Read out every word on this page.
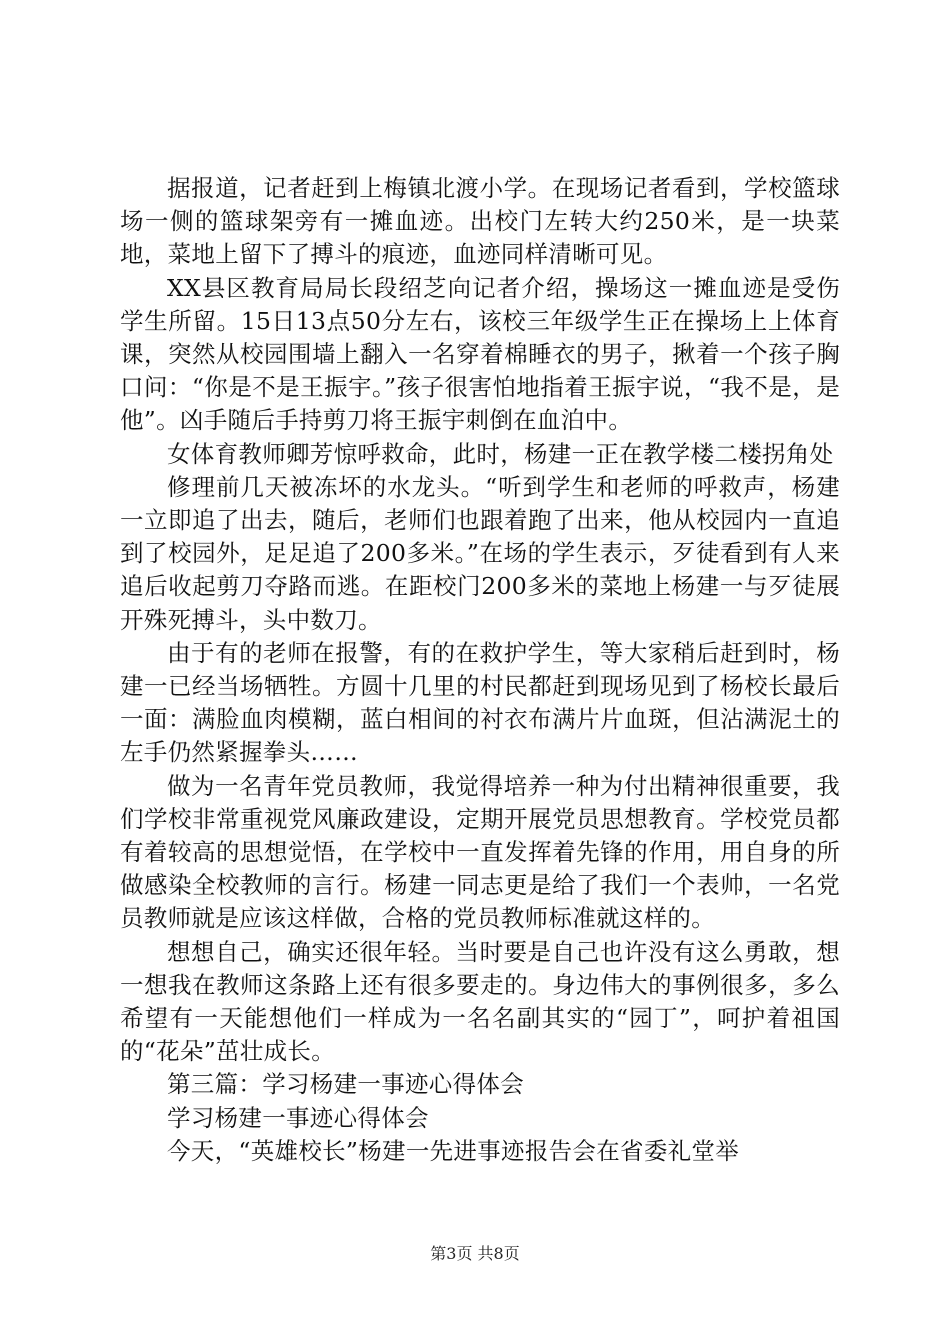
据报道，记者赶到上梅镇北渡小学。在现场记者看到，学校篮球场一侧的篮球架旁有一摊血迹。出校门左转大约250米，是一块菜地，菜地上留下了搏斗的痕迹，血迹同样清晰可见。

XX县区教育局局长段绍芝向记者介绍，操场这一摊血迹是受伤学生所留。15日13点50分左右，该校三年级学生正在操场上上体育课，突然从校园围墙上翻入一名穿着棉睡衣的男子，揪着一个孩子胸口问：“你是不是王振宇。”孩子很害怕地指着王振宇说，“我不是，是他”。凶手随后手持剪刀将王振宇刺倒在血泊中。

女体育教师卿芳惊呼救命，此时，杨建一正在教学楼二楼拐角处

修理前几天被冻坏的水龙头。“听到学生和老师的呼救声，杨建一立即追了出去，随后，老师们也跟着跑了出来，他从校园内一直追到了校园外，足足追了200多米。”在场的学生表示，歹徒看到有人来追后收起剪刀夺路而逃。在距校门200多米的菜地上杨建一与歹徒展开殊死搏斗，头中数刀。

由于有的老师在报警，有的在救护学生，等大家稍后赶到时，杨建一已经当场牺牲。方圆十几里的村民都赶到现场见到了杨校长最后一面：满脸血肉模糊，蓝白相间的衬衣布满片片血斑，但沾满泥土的左手仍然紧握拳头……

做为一名青年党员教师，我觉得培养一种为付出精神很重要，我们学校非常重视党风廉政建设，定期开展党员思想教育。学校党员都有着较高的思想觉悟，在学校中一直发挥着先锋的作用，用自身的所做感染全校教师的言行。杨建一同志更是给了我们一个表帅，一名党员教师就是应该这样做，合格的党员教师标准就这样的。

想想自己，确实还很年轻。当时要是自己也许没有这么勇敢，想一想我在教师这条路上还有很多要走的。身边伟大的事例很多，多么希望有一天能想他们一样成为一名名副其实的“园丁”，呵护着祖国的“花朵”茁壮成长。

第三篇：学习杨建一事迹心得体会

学习杨建一事迹心得体会

今天，“英雄校长”杨建一先进事迹报告会在省委礼堂举

第3页 共8页
